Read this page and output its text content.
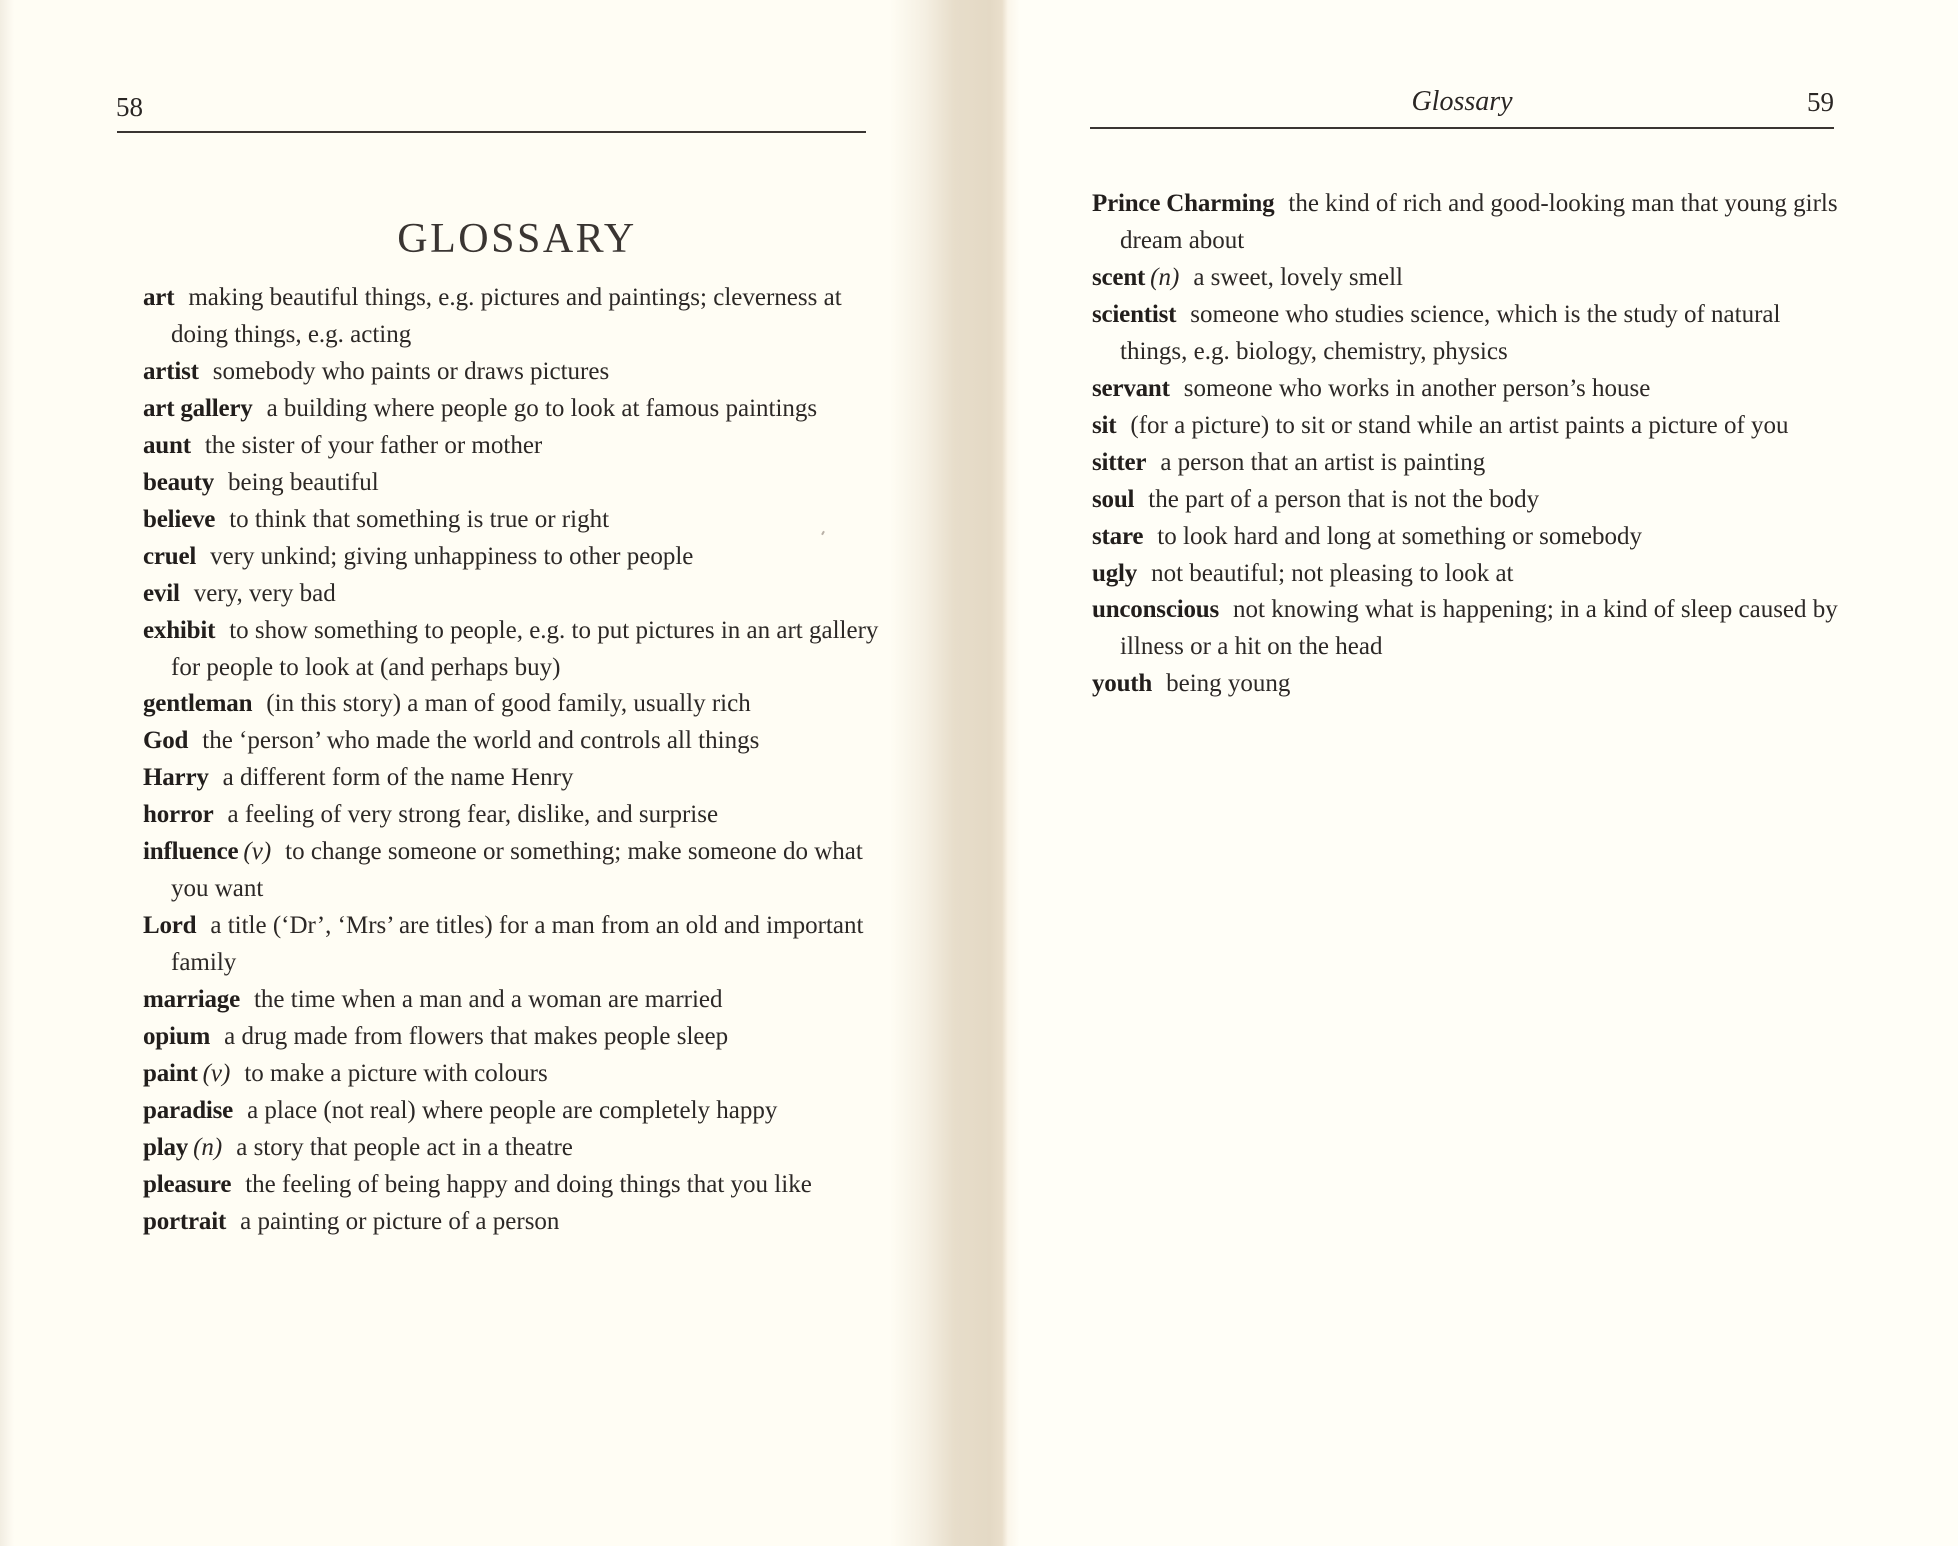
58
GLOSSARY
art making beautiful things, e.g. pictures and paintings; cleverness at doing things, e.g. acting
artist somebody who paints or draws pictures
art gallery a building where people go to look at famous paintings
aunt the sister of your father or mother
beauty being beautiful
believe to think that something is true or right
cruel very unkind; giving unhappiness to other people
evil very, very bad
exhibit to show something to people, e.g. to put pictures in an art gallery for people to look at (and perhaps buy)
gentleman (in this story) a man of good family, usually rich
God the ‘person’ who made the world and controls all things
Harry a different form of the name Henry
horror a feeling of very strong fear, dislike, and surprise
influence (v) to change someone or something; make someone do what you want
Lord a title (‘Dr’, ‘Mrs’ are titles) for a man from an old and important family
marriage the time when a man and a woman are married
opium a drug made from flowers that makes people sleep
paint (v) to make a picture with colours
paradise a place (not real) where people are completely happy
play (n) a story that people act in a theatre
pleasure the feeling of being happy and doing things that you like
portrait a painting or picture of a person
Glossary	59
Prince Charming the kind of rich and good-looking man that young girls dream about
scent (n) a sweet, lovely smell
scientist someone who studies science, which is the study of natural things, e.g. biology, chemistry, physics
servant someone who works in another person’s house
sit (for a picture) to sit or stand while an artist paints a picture of you
sitter a person that an artist is painting
soul the part of a person that is not the body
stare to look hard and long at something or somebody
ugly not beautiful; not pleasing to look at
unconscious not knowing what is happening; in a kind of sleep caused by illness or a hit on the head
youth being young
